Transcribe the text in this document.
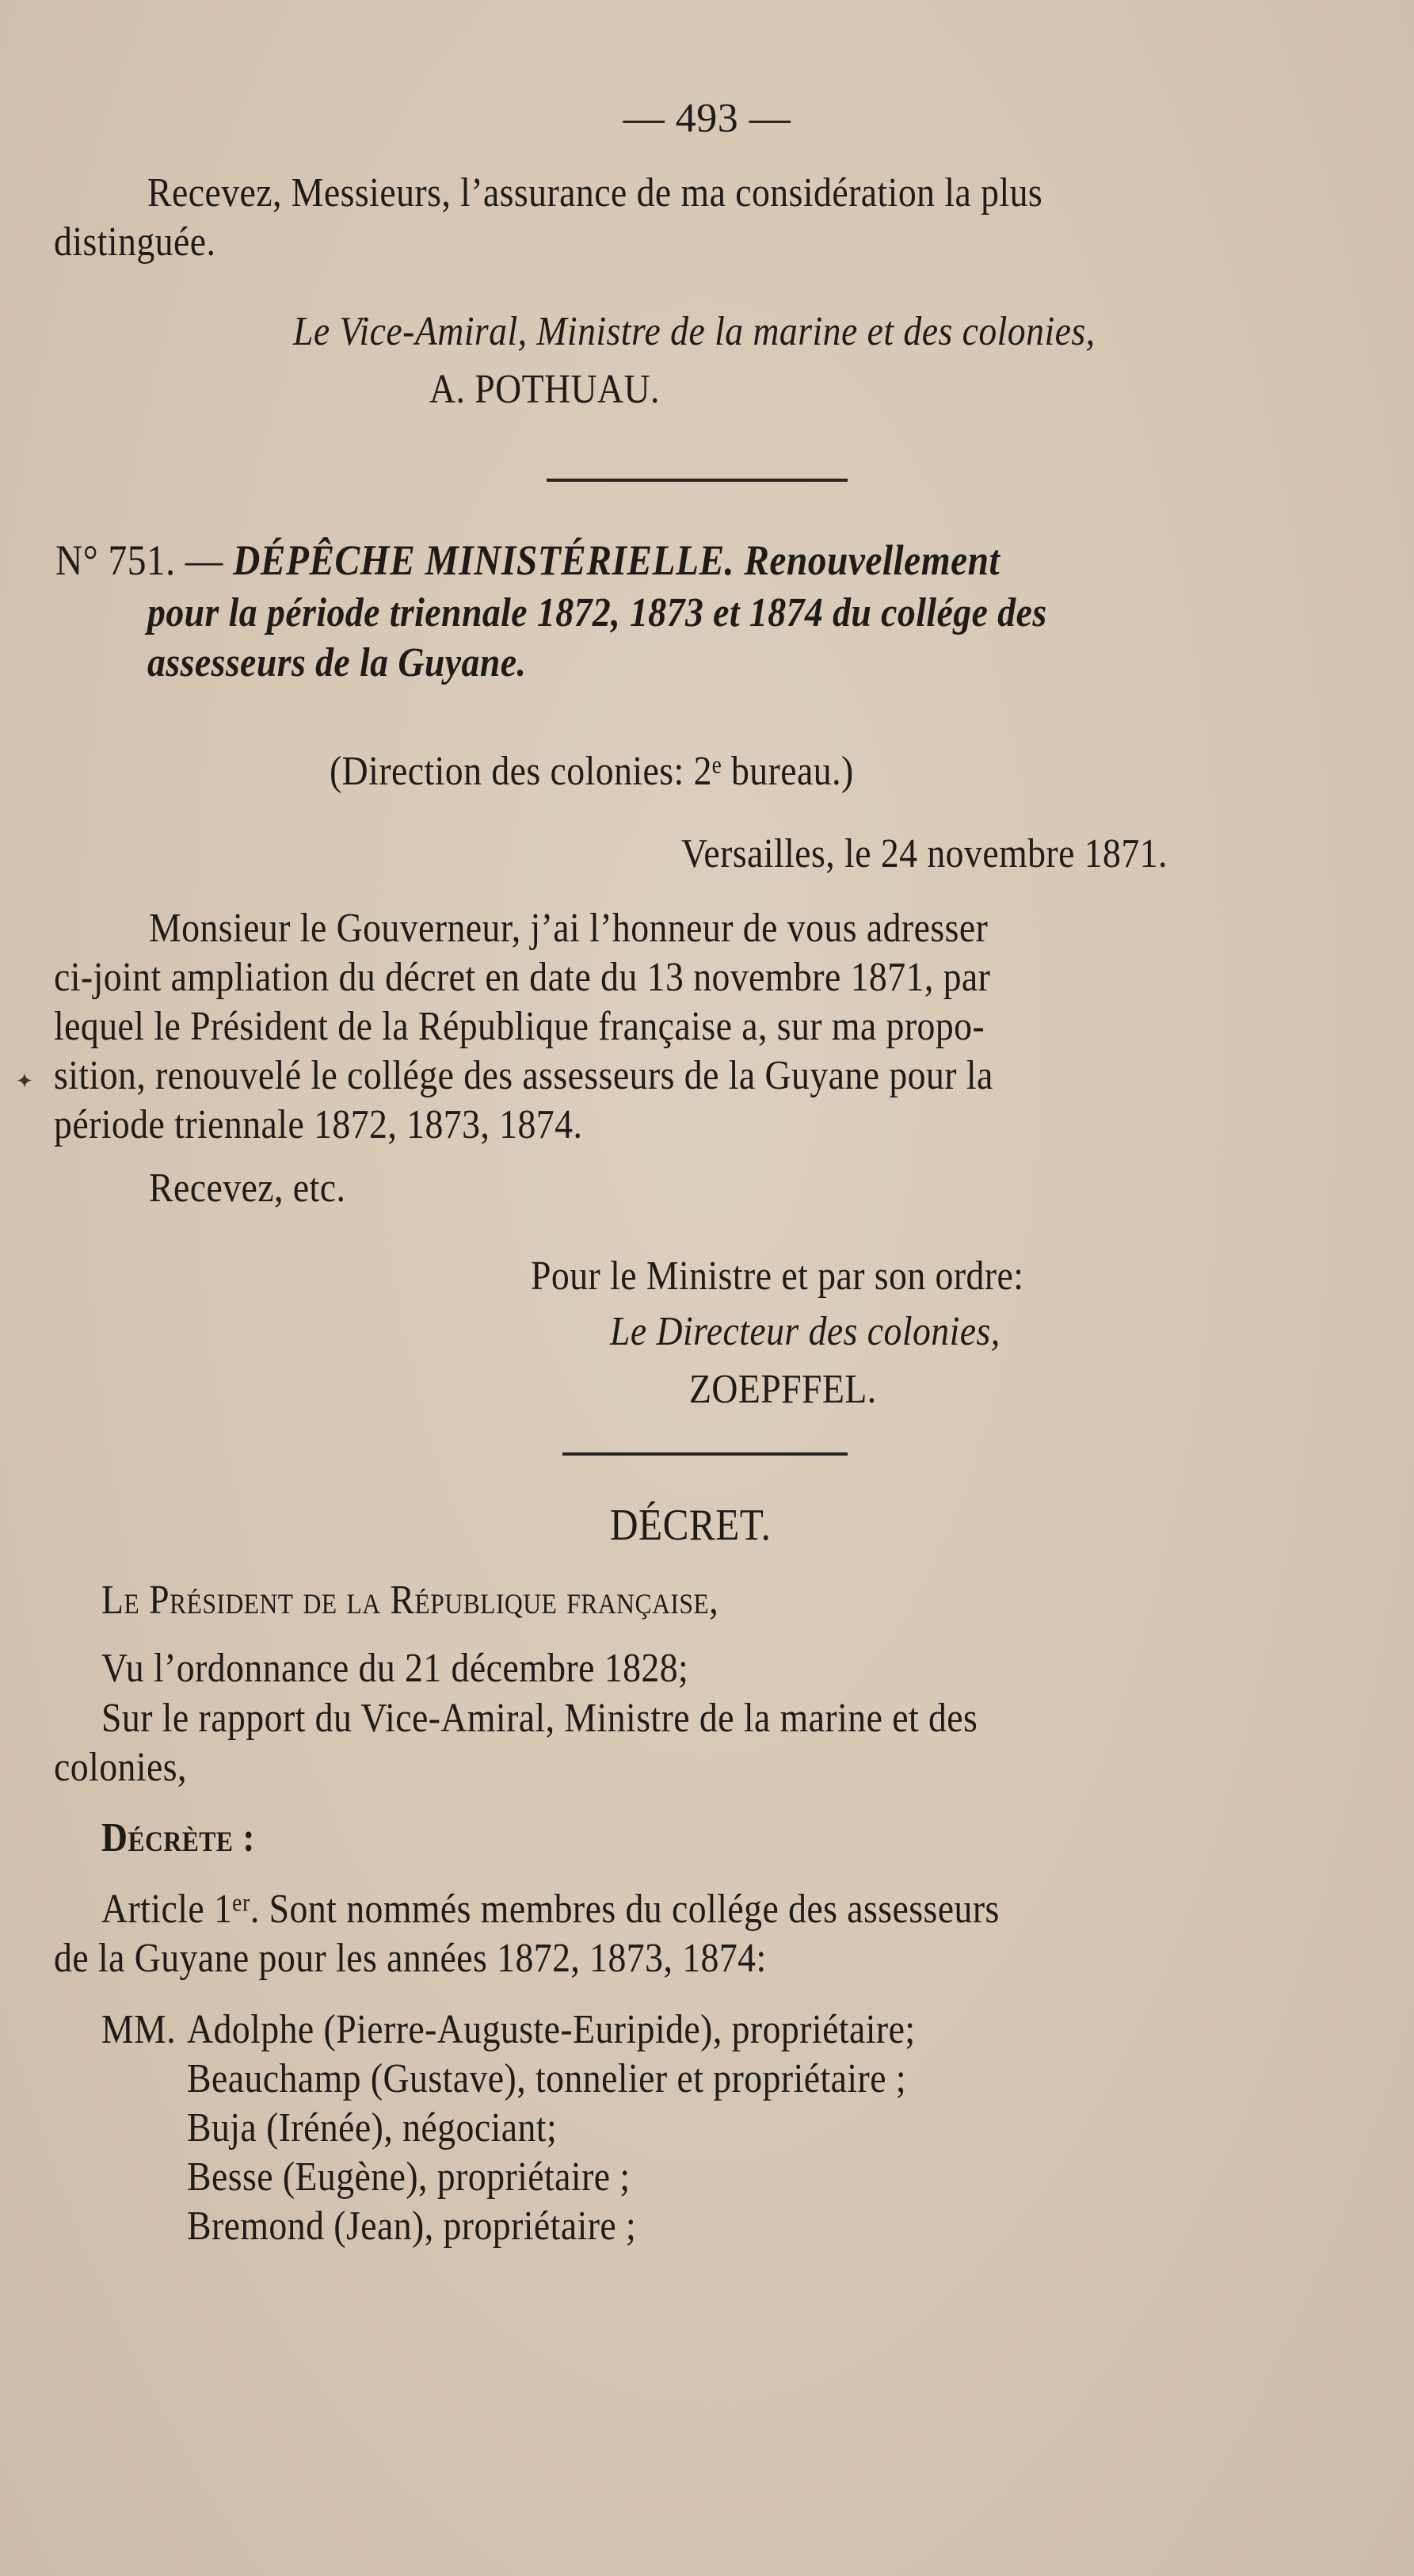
— 493 —
Recevez, Messieurs, l’assurance de ma considération la plus
distinguée.
Le Vice-Amiral, Ministre de la marine et des colonies,
A. POTHUAU.
N° 751. — DÉPÊCHE MINISTÉRIELLE. Renouvellement
pour la période triennale 1872, 1873 et 1874 du collége des
assesseurs de la Guyane.
(Direction des colonies: 2ᵉ bureau.)
Versailles, le 24 novembre 1871.
Monsieur le Gouverneur, j’ai l’honneur de vous adresser
ci-joint ampliation du décret en date du 13 novembre 1871, par
lequel le Président de la République française a, sur ma propo-
sition, renouvelé le collége des assesseurs de la Guyane pour la
période triennale 1872, 1873, 1874.
✦
Recevez, etc.
Pour le Ministre et par son ordre:
Le Directeur des colonies,
ZOEPFFEL.
DÉCRET.
Le Président de la République française,
Vu l’ordonnance du 21 décembre 1828;
Sur le rapport du Vice-Amiral, Ministre de la marine et des
colonies,
Décrète :
Article 1ᵉʳ. Sont nommés membres du collége des assesseurs
de la Guyane pour les années 1872, 1873, 1874:
MM. Adolphe (Pierre-Auguste-Euripide), propriétaire;
Beauchamp (Gustave), tonnelier et propriétaire ;
Buja (Irénée), négociant;
Besse (Eugène), propriétaire ;
Bremond (Jean), propriétaire ;
